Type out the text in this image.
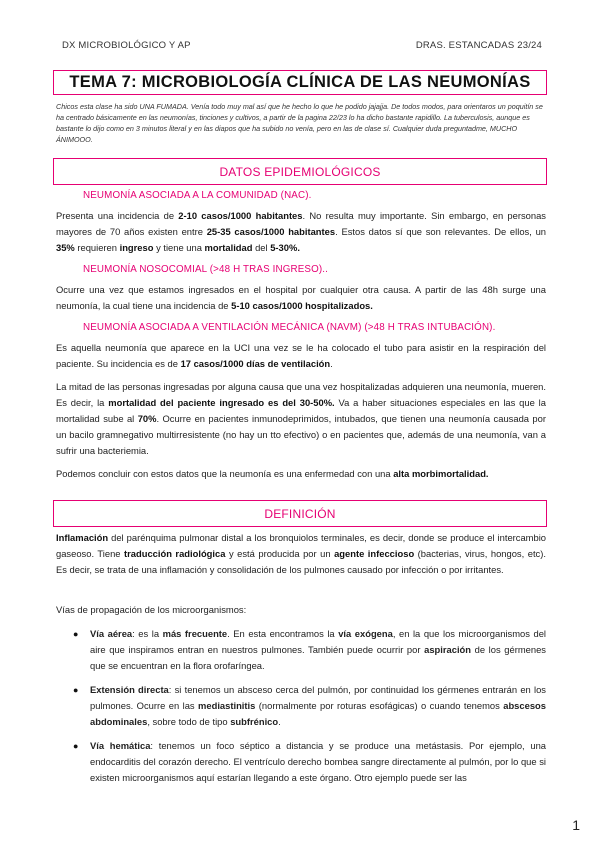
DX MICROBIOLÓGICO Y AP	DRAS. ESTANCADAS 23/24
TEMA 7: MICROBIOLOGÍA CLÍNICA DE LAS NEUMONÍAS
Chicos esta clase ha sido UNA FUMADA. Venía todo muy mal así que he hecho lo que he podido jajajja. De todos modos, para orientaros un poquitín se ha centrado básicamente en las neumonías, tinciones y cultivos, a partir de la pagina 22/23 lo ha dicho bastante rapidillo. La tuberculosis, aunque es bastante lo dijo como en 3 minutos literal y en las diapos que ha subido no venía, pero en las de clase sí. Cualquier duda preguntadme, MUCHO ÁNIMOOO.
DATOS EPIDEMIOLÓGICOS
NEUMONÍA ASOCIADA A LA COMUNIDAD (NAC).
Presenta una incidencia de 2-10 casos/1000 habitantes. No resulta muy importante. Sin embargo, en personas mayores de 70 años existen entre 25-35 casos/1000 habitantes. Estos datos sí que son relevantes. De ellos, un 35% requieren ingreso y tiene una mortalidad del 5-30%.
NEUMONÍA NOSOCOMIAL (>48 H TRAS INGRESO)..
Ocurre una vez que estamos ingresados en el hospital por cualquier otra causa. A partir de las 48h surge una neumonía, la cual tiene una incidencia de 5-10 casos/1000 hospitalizados.
NEUMONÍA ASOCIADA A VENTILACIÓN MECÁNICA (NAVM) (>48 H TRAS INTUBACIÓN).
Es aquella neumonía que aparece en la UCI una vez se le ha colocado el tubo para asistir en la respiración del paciente. Su incidencia es de 17 casos/1000 días de ventilación.
La mitad de las personas ingresadas por alguna causa que una vez hospitalizadas adquieren una neumonía, mueren. Es decir, la mortalidad del paciente ingresado es del 30-50%. Va a haber situaciones especiales en las que la mortalidad sube al 70%. Ocurre en pacientes inmunodeprimidos, intubados, que tienen una neumonía causada por un bacilo gramnegativo multirresistente (no hay un tto efectivo) o en pacientes que, además de una neumonía, van a sufrir una bacteriemia.
Podemos concluir con estos datos que la neumonía es una enfermedad con una alta morbimortalidad.
DEFINICIÓN
Inflamación del parénquima pulmonar distal a los bronquiolos terminales, es decir, donde se produce el intercambio gaseoso. Tiene traducción radiológica y está producida por un agente infeccioso (bacterias, virus, hongos, etc). Es decir, se trata de una inflamación y consolidación de los pulmones causado por infección o por irritantes.
Vías de propagación de los microorganismos:
● Vía aérea: es la más frecuente. En esta encontramos la vía exógena, en la que los microorganismos del aire que inspiramos entran en nuestros pulmones. También puede ocurrir por aspiración de los gérmenes que se encuentran en la flora orofaríngea.
● Extensión directa: si tenemos un absceso cerca del pulmón, por continuidad los gérmenes entrarán en los pulmones. Ocurre en las mediastinitis (normalmente por roturas esofágicas) o cuando tenemos abscesos abdominales, sobre todo de tipo subfrénico.
● Vía hemática: tenemos un foco séptico a distancia y se produce una metástasis. Por ejemplo, una endocarditis del corazón derecho. El ventrículo derecho bombea sangre directamente al pulmón, por lo que si existen microorganismos aquí estarían llegando a este órgano. Otro ejemplo puede ser las
1
